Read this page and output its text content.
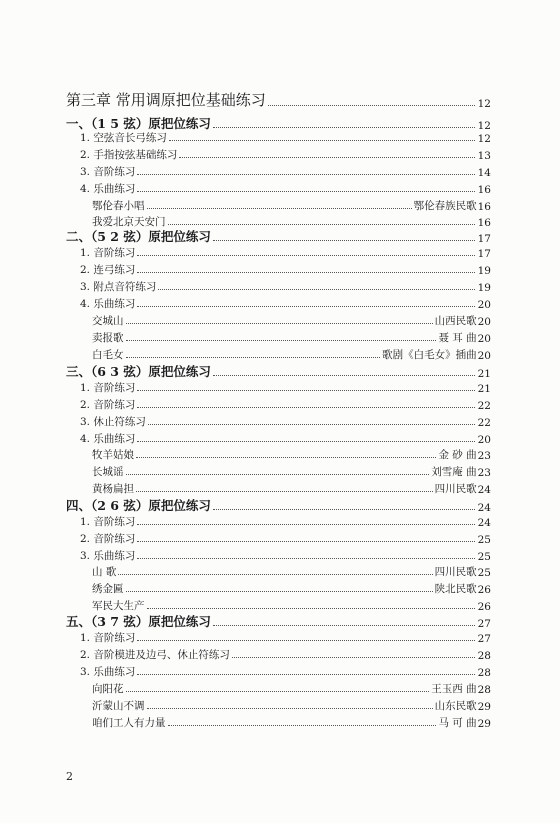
第三章 常用调原把位基础练习	12
一、（1 5 弦）原把位练习	12
1. 空弦音长弓练习	12
2. 手指按弦基础练习	13
3. 音阶练习	14
4. 乐曲练习	16
鄂伦春小唱	鄂伦春族民歌 16
我爱北京天安门	16
二、（5 2 弦）原把位练习	17
1. 音阶练习	17
2. 连弓练习	19
3. 附点音符练习	19
4. 乐曲练习	20
交城山	山西民歌 20
卖报歌	聂 耳 曲 20
白毛女	歌剧《白毛女》插曲 20
三、（6 3 弦）原把位练习	21
1. 音阶练习	21
2. 音阶练习	22
3. 休止符练习	22
4. 乐曲练习	20
牧羊姑娘	金 砂 曲 23
长城谣	刘雪庵 曲 23
黄杨扁担	四川民歌 24
四、（2 6 弦）原把位练习	24
1. 音阶练习	24
2. 音阶练习	25
3. 乐曲练习	25
山 歌	四川民歌 25
绣金匾	陕北民歌 26
军民大生产	26
五、（3 7 弦）原把位练习	27
1. 音阶练习	27
2. 音阶模进及边弓、休止符练习	28
3. 乐曲练习	28
向阳花	王玉西 曲 28
沂蒙山不调	山东民歌 29
咱们工人有力量	马 可 曲 29
2
